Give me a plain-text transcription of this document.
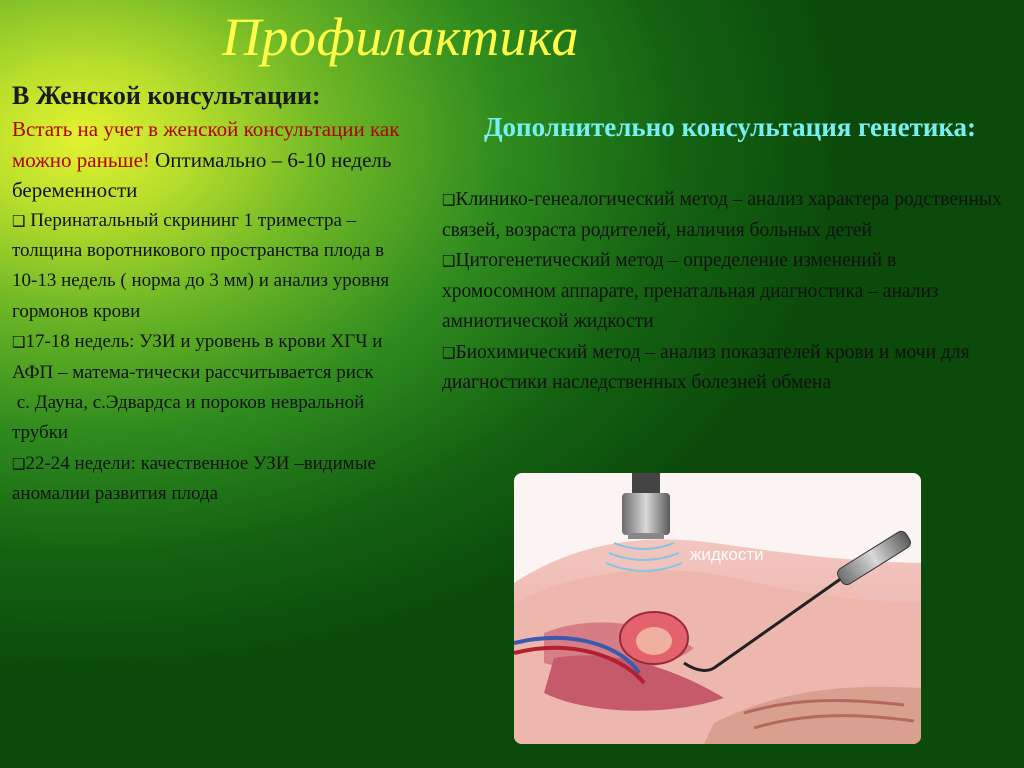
Профилактика
В Женской консультации:

Встать на учет в женской консультации как можно раньше! Оптимально – 6-10 недель беременности

❑ Перинатальный скрининг 1 триместра – толщина воротникового пространства плода в 10-13 недель ( норма до 3 мм) и анализ уровня гормонов крови

❑17-18 недель: УЗИ и уровень в крови ХГЧ и АФП – матема-тически рассчитывается риск

с. Дауна, с.Эдвардса и пороков невральной трубки

❑22-24 недели: качественное УЗИ –видимые аномалии развития плода

Дополнительно консультация генетика:

❑Клинико-генеалогический метод – анализ характера родственных связей, возраста родителей, наличия больных детей

❑Цитогенетический метод – определение изменений в хромосомном аппарате, пренатальная диагностика – анализ амниотической жидкости

❑Биохимический метод – анализ показателей крови и мочи для диагностики наследственных болезней обмена

жидкости
